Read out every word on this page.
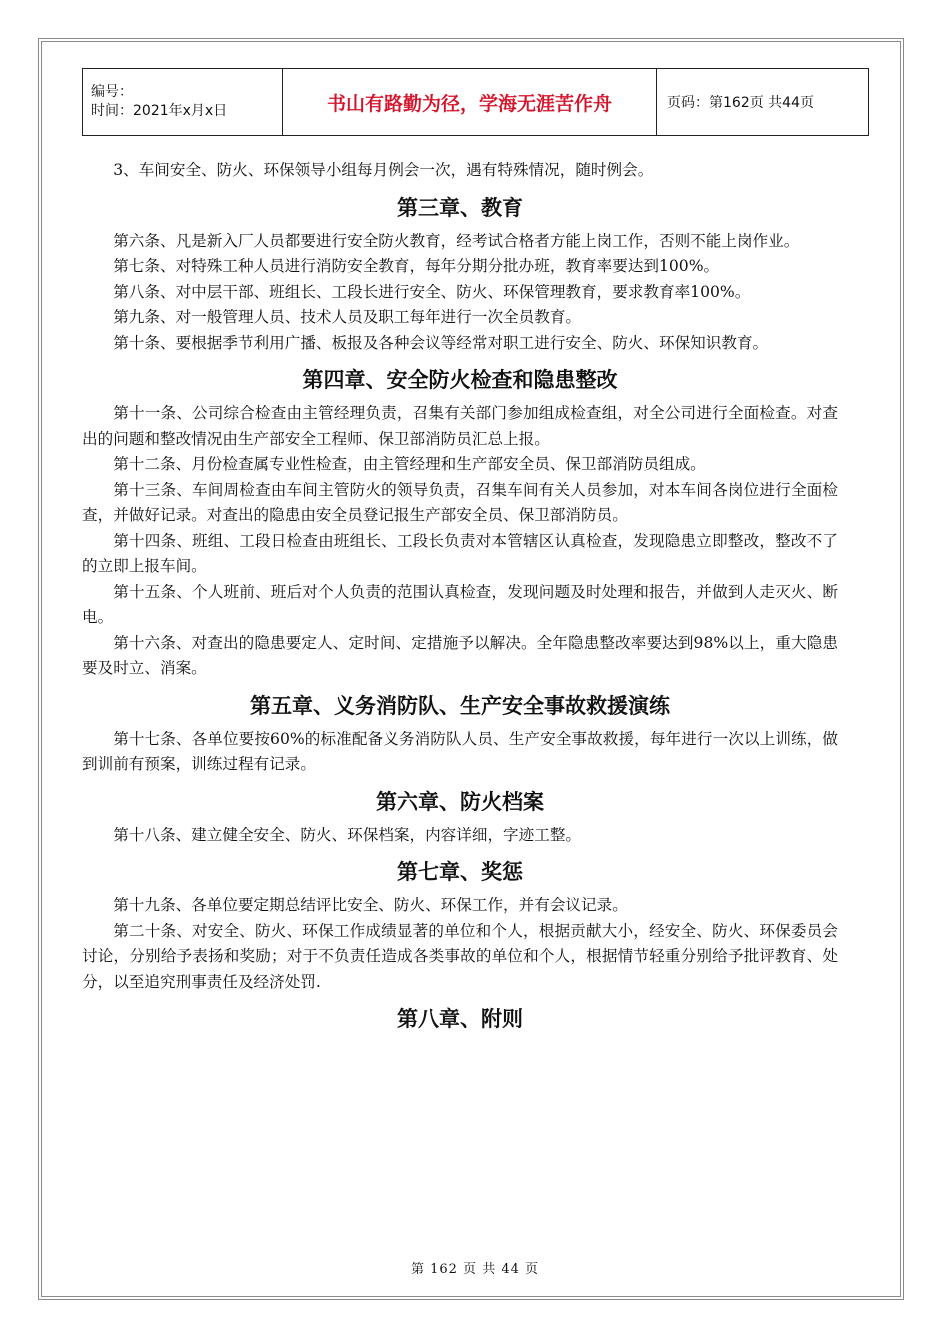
编号：
时间：2021年x月x日	书山有路勤为径，学海无涯苦作舟	页码：第162页 共44页

3、车间安全、防火、环保领导小组每月例会一次，遇有特殊情况，随时例会。

第三章、教育

第六条、凡是新入厂人员都要进行安全防火教育，经考试合格者方能上岗工作，否则不能上岗作业。

第七条、对特殊工种人员进行消防安全教育，每年分期分批办班，教育率要达到100%。

第八条、对中层干部、班组长、工段长进行安全、防火、环保管理教育，要求教育率100%。

第九条、对一般管理人员、技术人员及职工每年进行一次全员教育。

第十条、要根据季节利用广播、板报及各种会议等经常对职工进行安全、防火、环保知识教育。

第四章、安全防火检查和隐患整改

第十一条、公司综合检查由主管经理负责，召集有关部门参加组成检查组，对全公司进行全面检查。对查出的问题和整改情况由生产部安全工程师、保卫部消防员汇总上报。

第十二条、月份检查属专业性检查，由主管经理和生产部安全员、保卫部消防员组成。

第十三条、车间周检查由车间主管防火的领导负责，召集车间有关人员参加，对本车间各岗位进行全面检查，并做好记录。对查出的隐患由安全员登记报生产部安全员、保卫部消防员。

第十四条、班组、工段日检查由班组长、工段长负责对本管辖区认真检查，发现隐患立即整改，整改不了的立即上报车间。

第十五条、个人班前、班后对个人负责的范围认真检查，发现问题及时处理和报告，并做到人走灭火、断电。

第十六条、对查出的隐患要定人、定时间、定措施予以解决。全年隐患整改率要达到98%以上，重大隐患要及时立、消案。

第五章、义务消防队、生产安全事故救援演练

第十七条、各单位要按60%的标准配备义务消防队人员、生产安全事故救援，每年进行一次以上训练，做到训前有预案，训练过程有记录。

第六章、防火档案

第十八条、建立健全安全、防火、环保档案，内容详细，字迹工整。

第七章、奖惩

第十九条、各单位要定期总结评比安全、防火、环保工作，并有会议记录。

第二十条、对安全、防火、环保工作成绩显著的单位和个人，根据贡献大小，经安全、防火、环保委员会讨论，分别给予表扬和奖励；对于不负责任造成各类事故的单位和个人，根据情节轻重分别给予批评教育、处分，以至追究刑事责任及经济处罚.

第八章、附则
第 162 页 共 44 页
